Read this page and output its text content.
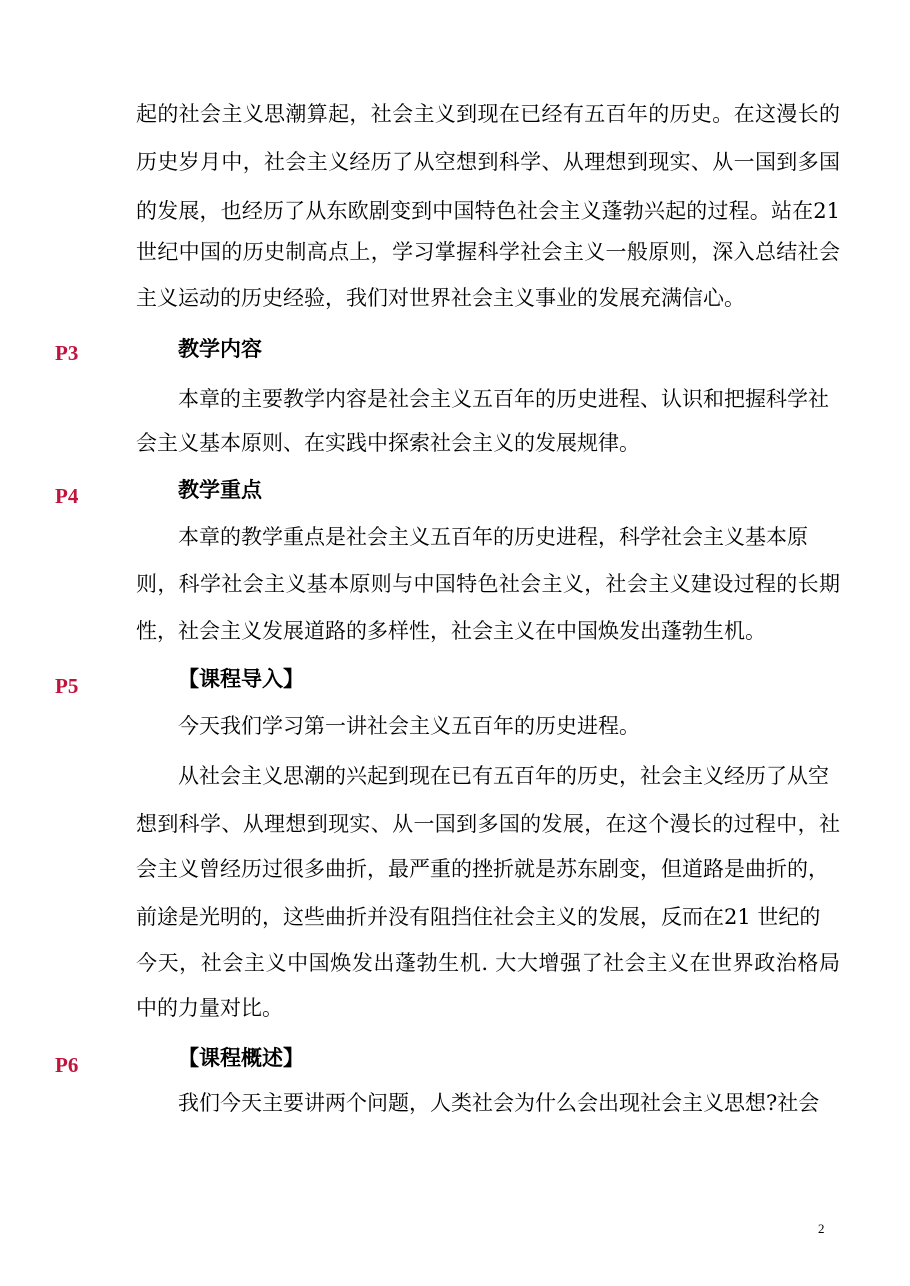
起的社会主义思潮算起，社会主义到现在已经有五百年的历史。在这漫长的
历史岁月中，社会主义经历了从空想到科学、从理想到现实、从一国到多国
的发展，也经历了从东欧剧变到中国特色社会主义蓬勃兴起的过程。站在21
世纪中国的历史制高点上，学习掌握科学社会主义一般原则，深入总结社会
主义运动的历史经验，我们对世界社会主义事业的发展充满信心。
P3	教学内容
本章的主要教学内容是社会主义五百年的历史进程、认识和把握科学社
会主义基本原则、在实践中探索社会主义的发展规律。
P4	教学重点
本章的教学重点是社会主义五百年的历史进程，科学社会主义基本原
则，科学社会主义基本原则与中国特色社会主义，社会主义建设过程的长期
性，社会主义发展道路的多样性，社会主义在中国焕发出蓬勃生机。
P5	【课程导入】
今天我们学习第一讲社会主义五百年的历史进程。
从社会主义思潮的兴起到现在已有五百年的历史，社会主义经历了从空
想到科学、从理想到现实、从一国到多国的发展，在这个漫长的过程中，社
会主义曾经历过很多曲折，最严重的挫折就是苏东剧变，但道路是曲折的，
前途是光明的，这些曲折并没有阻挡住社会主义的发展，反而在21 世纪的
今天，社会主义中国焕发出蓬勃生机. 大大增强了社会主义在世界政治格局
中的力量对比。
P6	【课程概述】
我们今天主要讲两个问题，人类社会为什么会出现社会主义思想?社会
2
